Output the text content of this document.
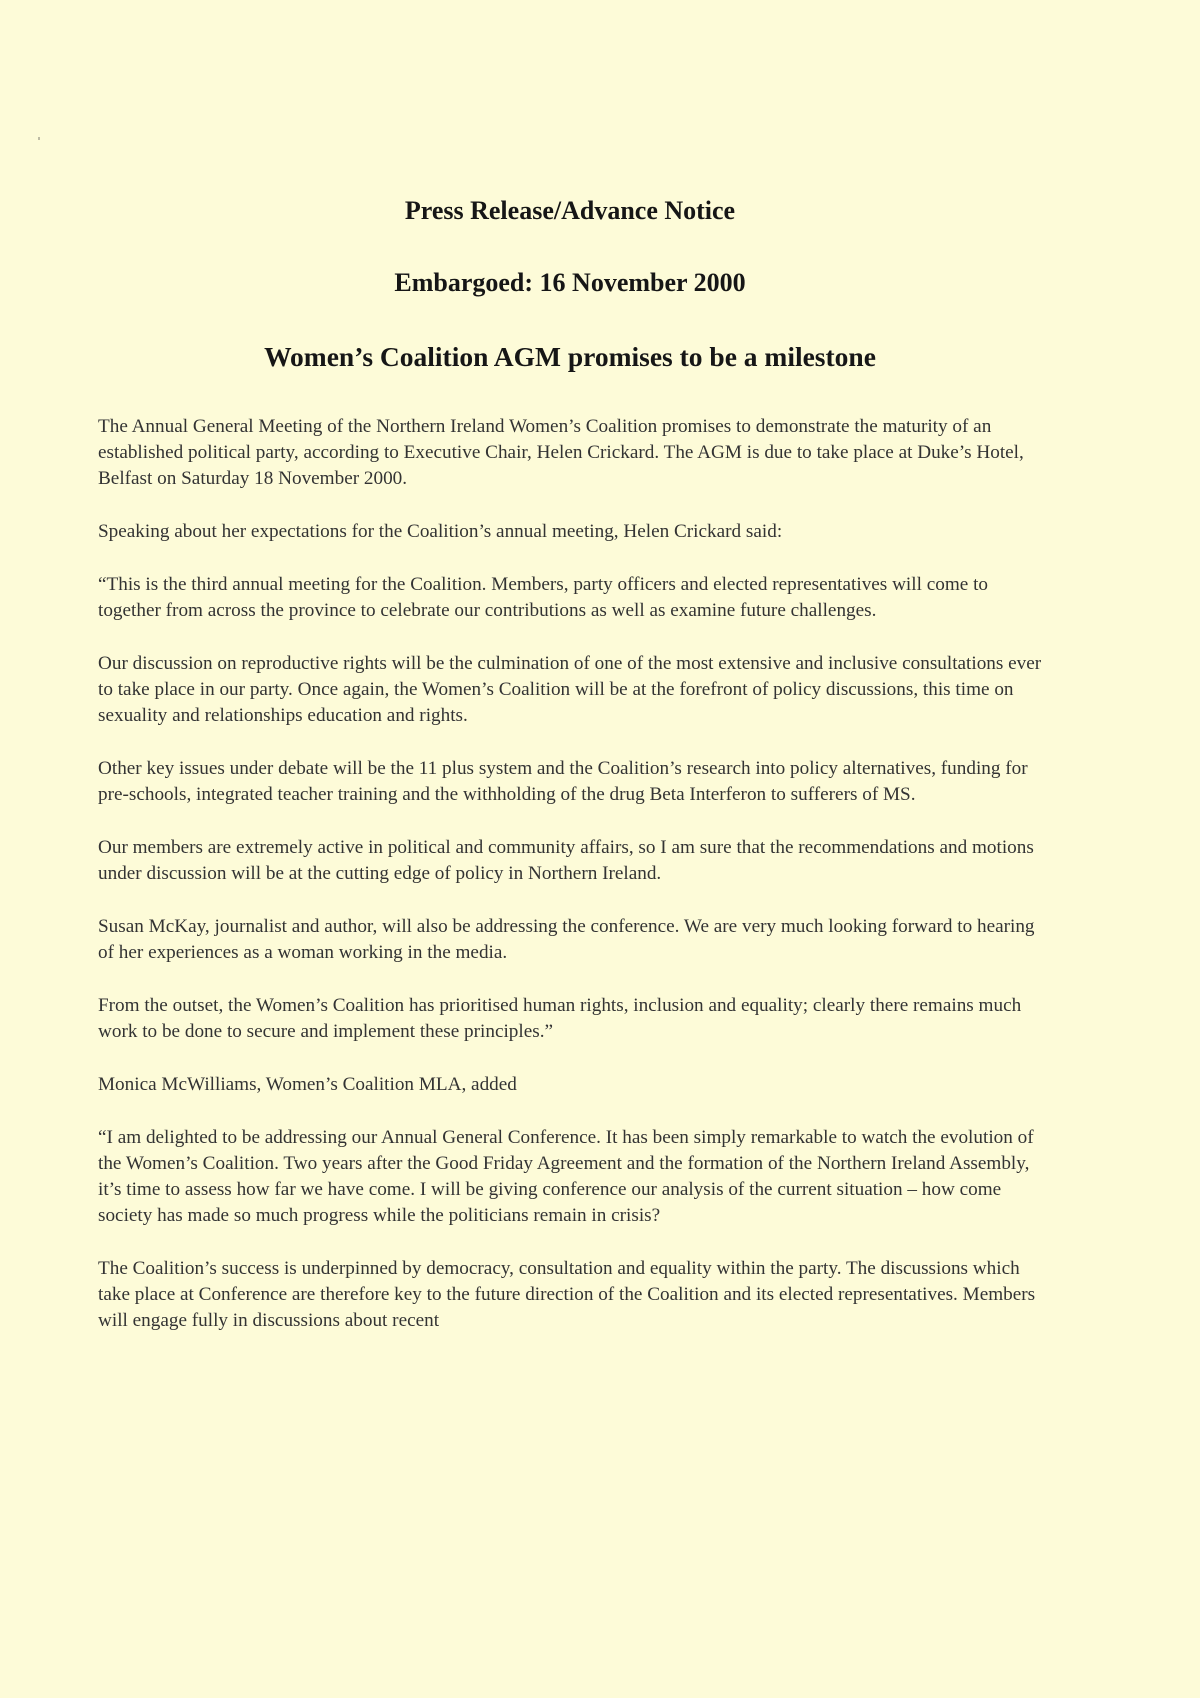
Press Release/Advance Notice
Embargoed: 16 November 2000
Women’s Coalition AGM promises to be a milestone

The Annual General Meeting of the Northern Ireland Women’s Coalition promises to demonstrate the maturity of an established political party, according to Executive Chair, Helen Crickard. The AGM is due to take place at Duke’s Hotel, Belfast on Saturday 18 November 2000.

Speaking about her expectations for the Coalition’s annual meeting, Helen Crickard said:

“This is the third annual meeting for the Coalition. Members, party officers and elected representatives will come to together from across the province to celebrate our contributions as well as examine future challenges.

Our discussion on reproductive rights will be the culmination of one of the most extensive and inclusive consultations ever to take place in our party. Once again, the Women’s Coalition will be at the forefront of policy discussions, this time on sexuality and relationships education and rights.

Other key issues under debate will be the 11 plus system and the Coalition’s research into policy alternatives, funding for pre-schools, integrated teacher training and the withholding of the drug Beta Interferon to sufferers of MS.

Our members are extremely active in political and community affairs, so I am sure that the recommendations and motions under discussion will be at the cutting edge of policy in Northern Ireland.

Susan McKay, journalist and author, will also be addressing the conference. We are very much looking forward to hearing of her experiences as a woman working in the media.

From the outset, the Women’s Coalition has prioritised human rights, inclusion and equality; clearly there remains much work to be done to secure and implement these principles.”

Monica McWilliams, Women’s Coalition MLA, added

“I am delighted to be addressing our Annual General Conference. It has been simply remarkable to watch the evolution of the Women’s Coalition. Two years after the Good Friday Agreement and the formation of the Northern Ireland Assembly, it’s time to assess how far we have come. I will be giving conference our analysis of the current situation – how come society has made so much progress while the politicians remain in crisis?

The Coalition’s success is underpinned by democracy, consultation and equality within the party. The discussions which take place at Conference are therefore key to the future direction of the Coalition and its elected representatives. Members will engage fully in discussions about recent
